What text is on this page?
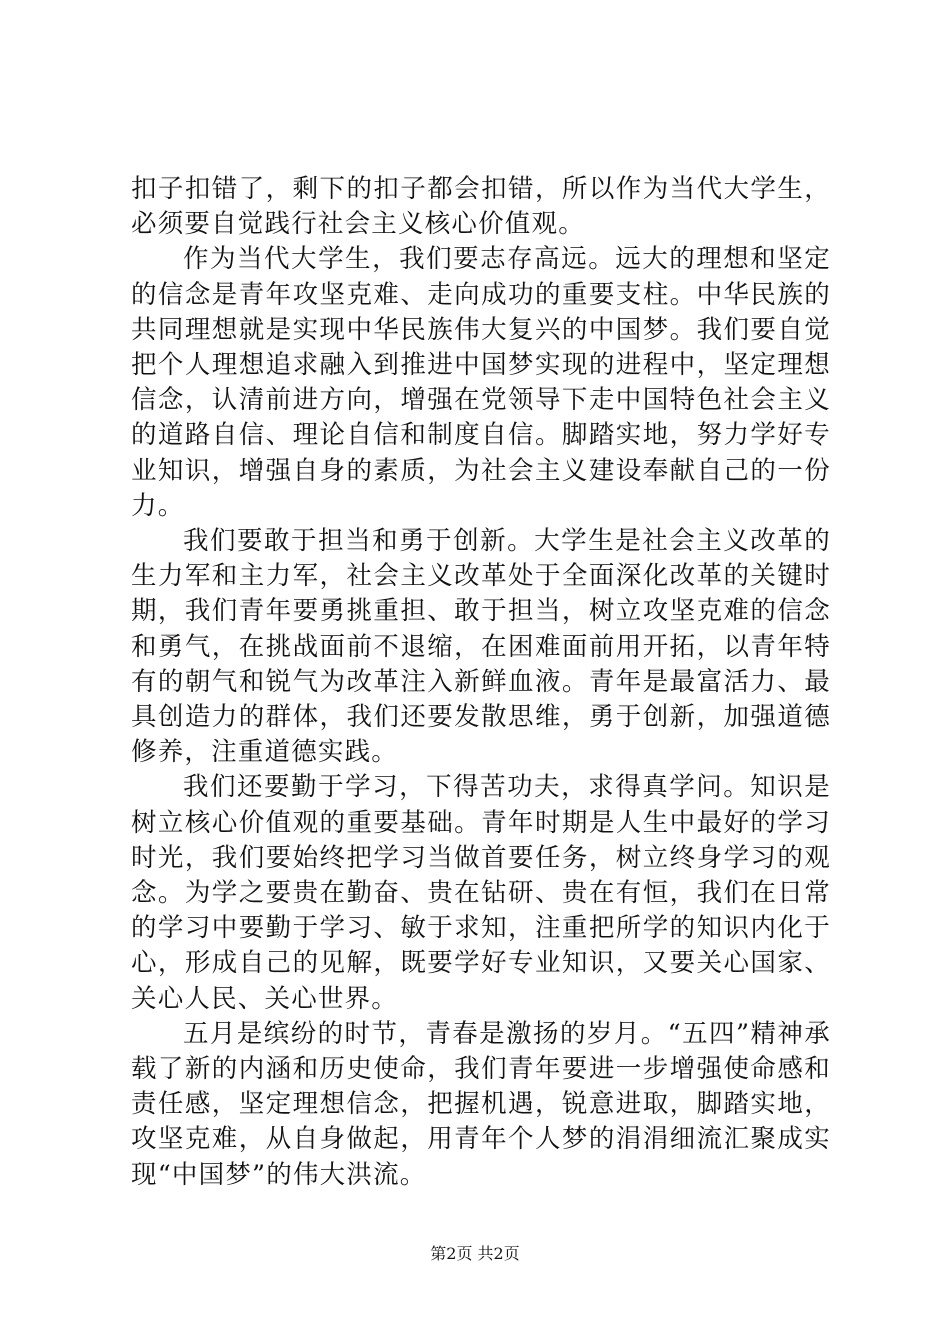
扣子扣错了，剩下的扣子都会扣错，所以作为当代大学生，必须要自觉践行社会主义核心价值观。

作为当代大学生，我们要志存高远。远大的理想和坚定的信念是青年攻坚克难、走向成功的重要支柱。中华民族的共同理想就是实现中华民族伟大复兴的中国梦。我们要自觉把个人理想追求融入到推进中国梦实现的进程中，坚定理想信念，认清前进方向，增强在党领导下走中国特色社会主义的道路自信、理论自信和制度自信。脚踏实地，努力学好专业知识，增强自身的素质，为社会主义建设奉献自己的一份力。

我们要敢于担当和勇于创新。大学生是社会主义改革的生力军和主力军，社会主义改革处于全面深化改革的关键时期，我们青年要勇挑重担、敢于担当，树立攻坚克难的信念和勇气，在挑战面前不退缩，在困难面前用开拓，以青年特有的朝气和锐气为改革注入新鲜血液。青年是最富活力、最具创造力的群体，我们还要发散思维，勇于创新，加强道德修养，注重道德实践。

我们还要勤于学习，下得苦功夫，求得真学问。知识是树立核心价值观的重要基础。青年时期是人生中最好的学习时光，我们要始终把学习当做首要任务，树立终身学习的观念。为学之要贵在勤奋、贵在钻研、贵在有恒，我们在日常的学习中要勤于学习、敏于求知，注重把所学的知识内化于心，形成自己的见解，既要学好专业知识，又要关心国家、关心人民、关心世界。

五月是缤纷的时节，青春是激扬的岁月。“五四”精神承载了新的内涵和历史使命，我们青年要进一步增强使命感和责任感，坚定理想信念，把握机遇，锐意进取，脚踏实地，攻坚克难，从自身做起，用青年个人梦的涓涓细流汇聚成实现“中国梦”的伟大洪流。

第2页 共2页
